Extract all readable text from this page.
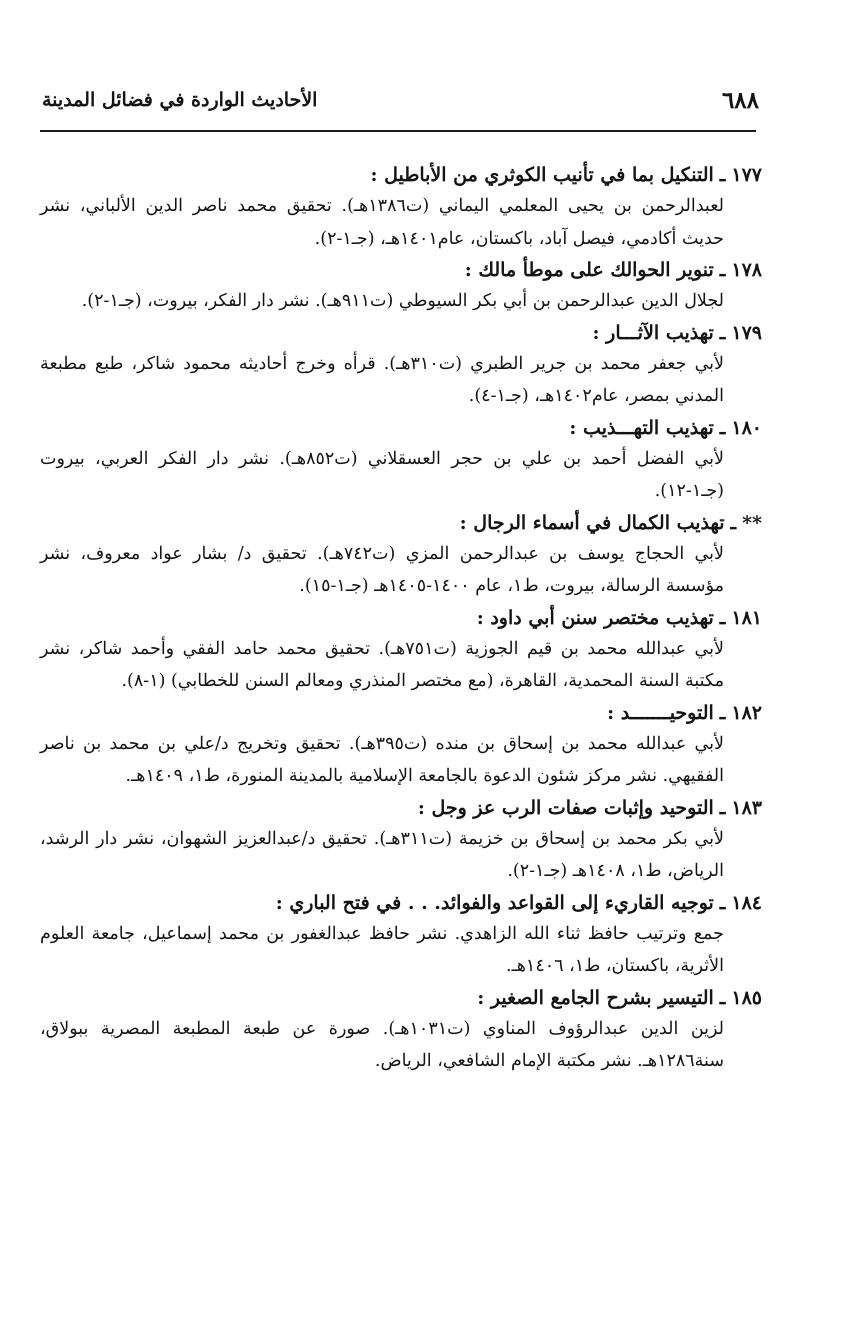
٦٨٨
الأحاديث الواردة في فضائل المدينة
١٧٧ـالتنكيل بما في تأنيب الكوثري من الأباطيل :

لعبدالرحمن بن يحيى المعلمي اليماني (ت١٣٨٦هـ). تحقيق محمد ناصر الدين الألباني، نشر حديث أكادمي، فيصل آباد، باكستان، عام١٤٠١هـ، (جـ١-٢).

١٧٨ـتنوير الحوالك على موطأ مالك :

لجلال الدين عبدالرحمن بن أبي بكر السيوطي (ت٩١١هـ). نشر دار الفكر، بيروت، (جـ١-٢).

١٧٩ـتهذيب الآثـــار :

لأبي جعفر محمد بن جرير الطبري (ت٣١٠هـ). قرأه وخرج أحاديثه محمود شاكر، طبع مطبعة المدني بمصر، عام١٤٠٢هـ، (جـ١-٤).

١٨٠ـتهذيب التهـــذيب :

لأبي الفضل أحمد بن علي بن حجر العسقلاني (ت٨٥٢هـ). نشر دار الفكر العربي، بيروت (جـ١-١٢).

**ـتهذيب الكمال في أسماء الرجال :

لأبي الحجاج يوسف بن عبدالرحمن المزي (ت٧٤٢هـ). تحقيق د/ بشار عواد معروف، نشر مؤسسة الرسالة، بيروت، ط١، عام ١٤٠٠-١٤٠٥هـ (جـ١-١٥).

١٨١ـتهذيب مختصر سنن أبي داود :

لأبي عبدالله محمد بن قيم الجوزية (ت٧٥١هـ). تحقيق محمد حامد الفقي وأحمد شاكر، نشر مكتبة السنة المحمدية، القاهرة، (مع مختصر المنذري ومعالم السنن للخطابي) (١-٨).

١٨٢ـالتوحيـــــــد :

لأبي عبدالله محمد بن إسحاق بن منده (ت٣٩٥هـ). تحقيق وتخريج د/علي بن محمد بن ناصر الفقيهي. نشر مركز شئون الدعوة بالجامعة الإسلامية بالمدينة المنورة، ط١، ١٤٠٩هـ.

١٨٣ـالتوحيد وإثبات صفات الرب عز وجل :

لأبي بكر محمد بن إسحاق بن خزيمة (ت٣١١هـ). تحقيق د/عبدالعزيز الشهوان، نشر دار الرشد، الرياض، ط١، ١٤٠٨هـ (جـ١-٢).

١٨٤ـتوجيه القاريء إلى القواعد والفوائد. . . في فتح الباري :

جمع وترتيب حافظ ثناء الله الزاهدي. نشر حافظ عبدالغفور بن محمد إسماعيل، جامعة العلوم الأثرية، باكستان، ط١، ١٤٠٦هـ.

١٨٥ـالتيسير بشرح الجامع الصغير :

لزين الدين عبدالرؤوف المناوي (ت١٠٣١هـ). صورة عن طبعة المطبعة المصرية ببولاق، سنة١٢٨٦هـ. نشر مكتبة الإمام الشافعي، الرياض.
